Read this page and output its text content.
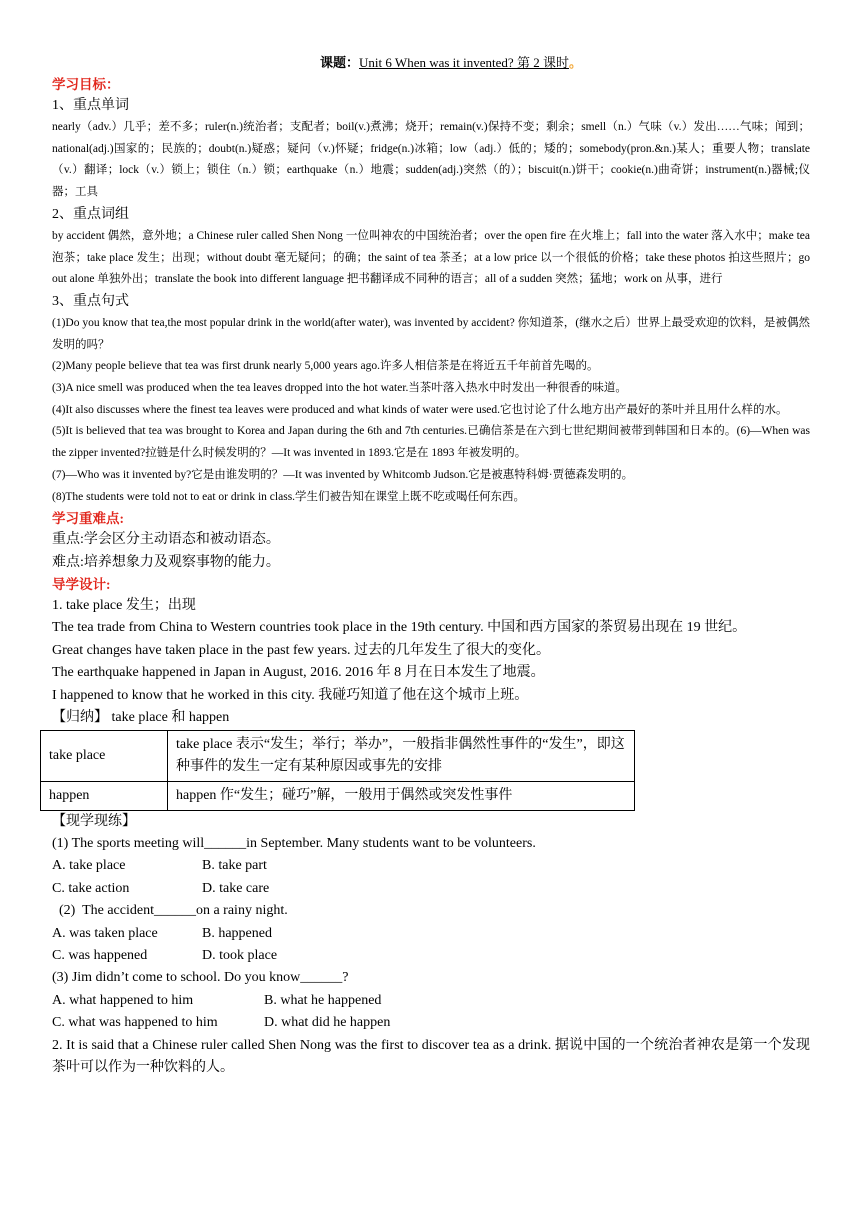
课题：Unit 6 When was it invented? 第 2 课时。
学习目标：
1、重点单词

nearly（adv.）几乎；差不多；ruler(n.)统治者；支配者；boil(v.)煮沸；烧开；remain(v.)保持不变；剩余；smell（n.）气味（v.）发出……气味；闻到；national(adj.)国家的；民族的；doubt(n.)疑惑；疑问（v.)怀疑；fridge(n.)冰箱；low（adj.）低的；矮的；somebody(pron.&n.)某人；重要人物；translate（v.）翻译；lock（v.）锁上；锁住（n.）锁；earthquake（n.）地震；sudden(adj.)突然（的）；biscuit(n.)饼干；cookie(n.)曲奇饼；instrument(n.)器械;仪器；工具

2、重点词组

by accident 偶然，意外地；a Chinese ruler called Shen Nong 一位叫神农的中国统治者；over the open fire 在火堆上；fall into the water 落入水中；make tea 泡茶；take place 发生；出现；without doubt 毫无疑问；的确；the saint of tea 茶圣；at a low price 以一个很低的价格；take these photos 拍这些照片；go out alone 单独外出；translate the book into different language 把书翻译成不同种的语言；all of a sudden 突然；猛地；work on 从事，进行

3、重点句式

(1)Do you know that tea,the most popular drink in the world(after water), was invented by accident? 你知道茶，(继水之后）世界上最受欢迎的饮料，是被偶然发明的吗？

(2)Many people believe that tea was first drunk nearly 5,000 years ago.许多人相信茶是在将近五千年前首先喝的。

(3)A nice smell was produced when the tea leaves dropped into the hot water.当茶叶落入热水中时发出一种很香的味道。

(4)It also discusses where the finest tea leaves were produced and what kinds of water were used.它也讨论了什么地方出产最好的茶叶并且用什么样的水。

(5)It is believed that tea was brought to Korea and Japan during the 6th and 7th centuries.已确信茶是在六到七世纪期间被带到韩国和日本的。(6)—When was the zipper invented?拉链是什么时候发明的？—It was invented in 1893.它是在 1893 年被发明的。

(7)—Who was it invented by?它是由谁发明的？—It was invented by Whitcomb Judson.它是被惠特科姆·贾德森发明的。

(8)The students were told not to eat or drink in class.学生们被告知在课堂上既不吃或喝任何东西。

学习重难点:

重点:学会区分主动语态和被动语态。

难点:培养想象力及观察事物的能力。

导学设计:

1. take place 发生；出现

The tea trade from China to Western countries took place in the 19th century. 中国和西方国家的茶贸易出现在 19 世纪。

Great changes have taken place in the past few years. 过去的几年发生了很大的变化。

The earthquake happened in Japan in August, 2016. 2016 年 8 月在日本发生了地震。

I happened to know that he worked in this city. 我碰巧知道了他在这个城市上班。

【归纳】 take place 和 happen

take place	take place 表示“发生；举行；举办”，一般指非偶然性事件的“发生”，即这种事件的发生一定有某种原因或事先的安排
happen	happen 作“发生；碰巧”解，一般用于偶然或突发性事件

【现学现练】

(1) The sports meeting will______in September. Many students want to be volunteers.

A. take place	B. take part

C. take action	D. take care

(2)  The accident______on a rainy night.

A. was taken place	B. happened

C. was happened	D. took place

(3) Jim didn’t come to school. Do you know______?

A. what happened to him	B. what he happened

C. what was happened to him	D. what did he happen

2. It is said that a Chinese ruler called Shen Nong was the first to discover tea as a drink. 据说中国的一个统治者神农是第一个发现茶叶可以作为一种饮料的人。
